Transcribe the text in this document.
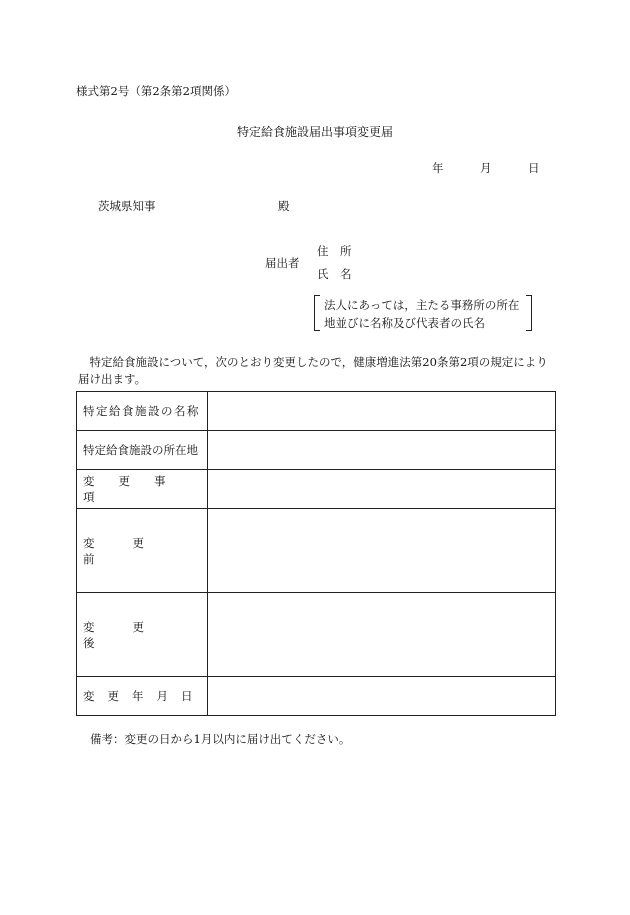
様式第2号（第2条第2項関係）
特定給食施設届出事項変更届
年	月	日
茨城県知事	殿
届出者
住　所
氏　名
法人にあっては，主たる事務所の所在
地並びに名称及び代表者の氏名
特定給食施設について，次のとおり変更したので，健康増進法第20条第2項の規定により届け出ます。
特定給食施設の名称	
特定給食施設の所在地	

変更事項	

変更前	

変更後	

変更年月日	

備考：変更の日から1月以内に届け出てください。
